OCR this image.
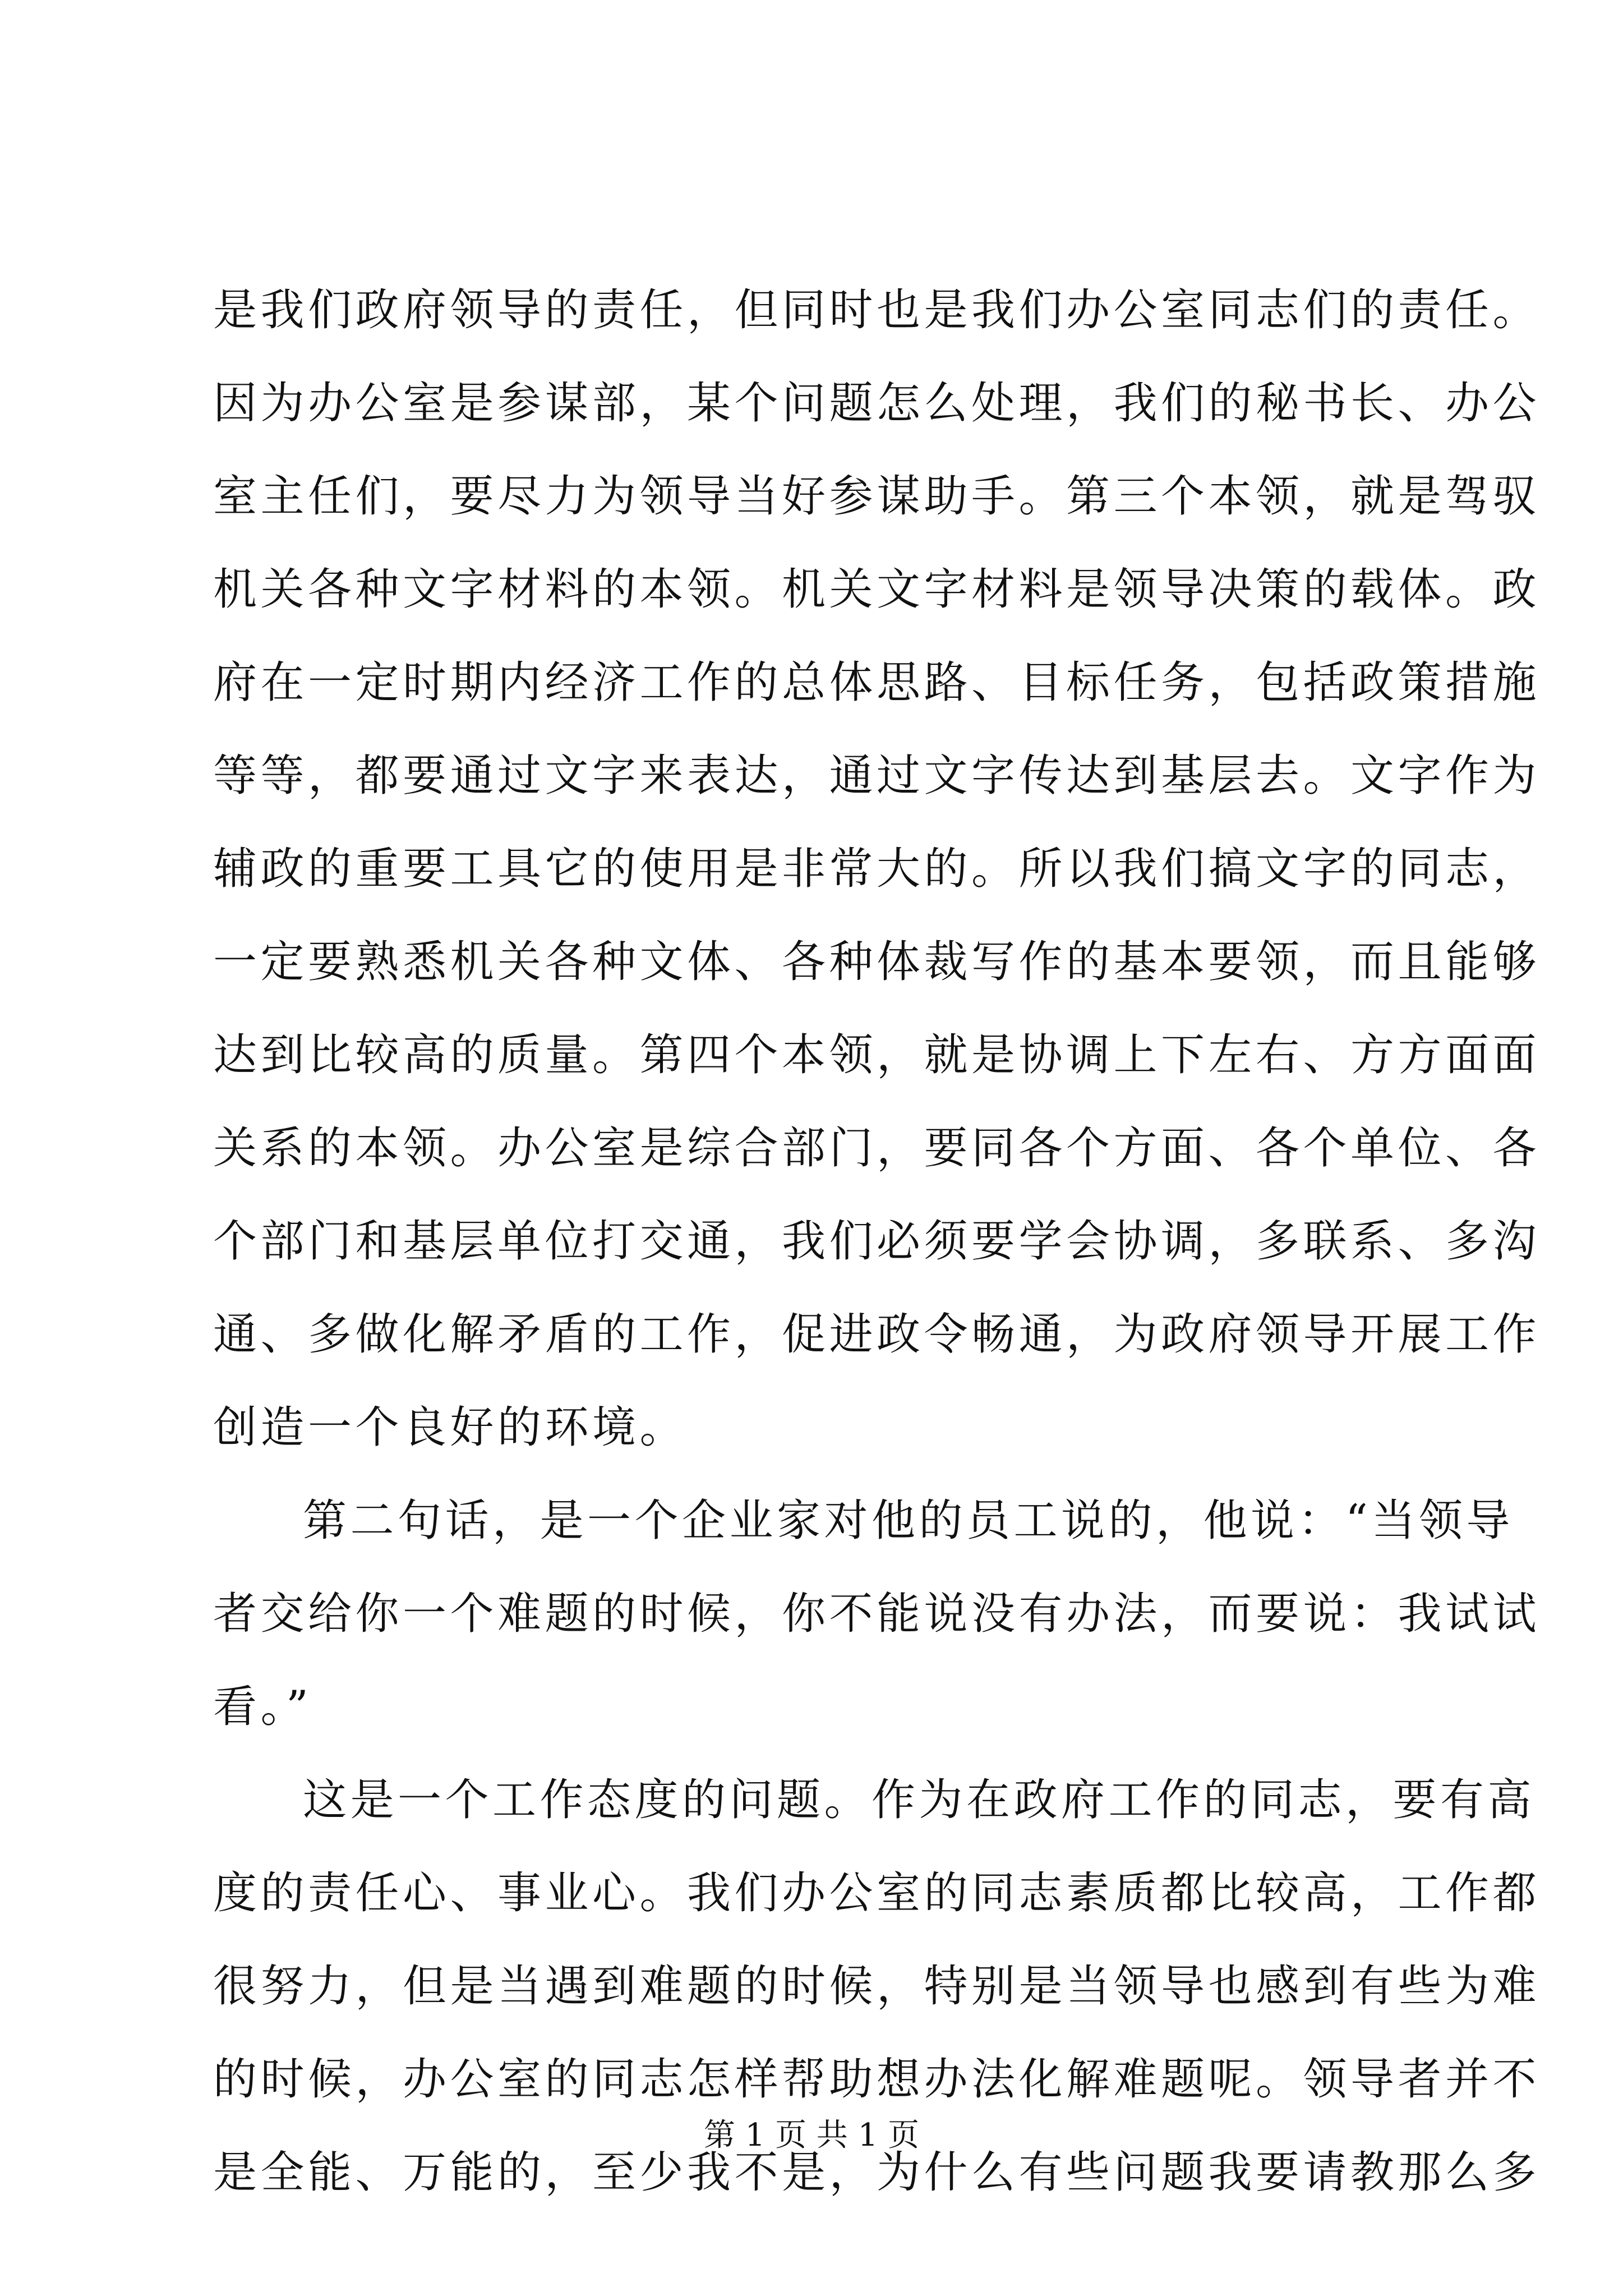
是我们政府领导的责任，但同时也是我们办公室同志们的责任。
因为办公室是参谋部，某个问题怎么处理，我们的秘书长、办公
室主任们，要尽力为领导当好参谋助手。第三个本领，就是驾驭
机关各种文字材料的本领。机关文字材料是领导决策的载体。政
府在一定时期内经济工作的总体思路、目标任务，包括政策措施
等等，都要通过文字来表达，通过文字传达到基层去。文字作为
辅政的重要工具它的使用是非常大的。所以我们搞文字的同志，
一定要熟悉机关各种文体、各种体裁写作的基本要领，而且能够
达到比较高的质量。第四个本领，就是协调上下左右、方方面面
关系的本领。办公室是综合部门，要同各个方面、各个单位、各
个部门和基层单位打交通，我们必须要学会协调，多联系、多沟
通、多做化解矛盾的工作，促进政令畅通，为政府领导开展工作
创造一个良好的环境。
第二句话，是一个企业家对他的员工说的，他说：“当领导
者交给你一个难题的时候，你不能说没有办法，而要说：我试试
看。”
这是一个工作态度的问题。作为在政府工作的同志，要有高
度的责任心、事业心。我们办公室的同志素质都比较高，工作都
很努力，但是当遇到难题的时候，特别是当领导也感到有些为难
的时候，办公室的同志怎样帮助想办法化解难题呢。领导者并不
是全能、万能的，至少我不是，为什么有些问题我要请教那么多
第 1 页 共 1 页
